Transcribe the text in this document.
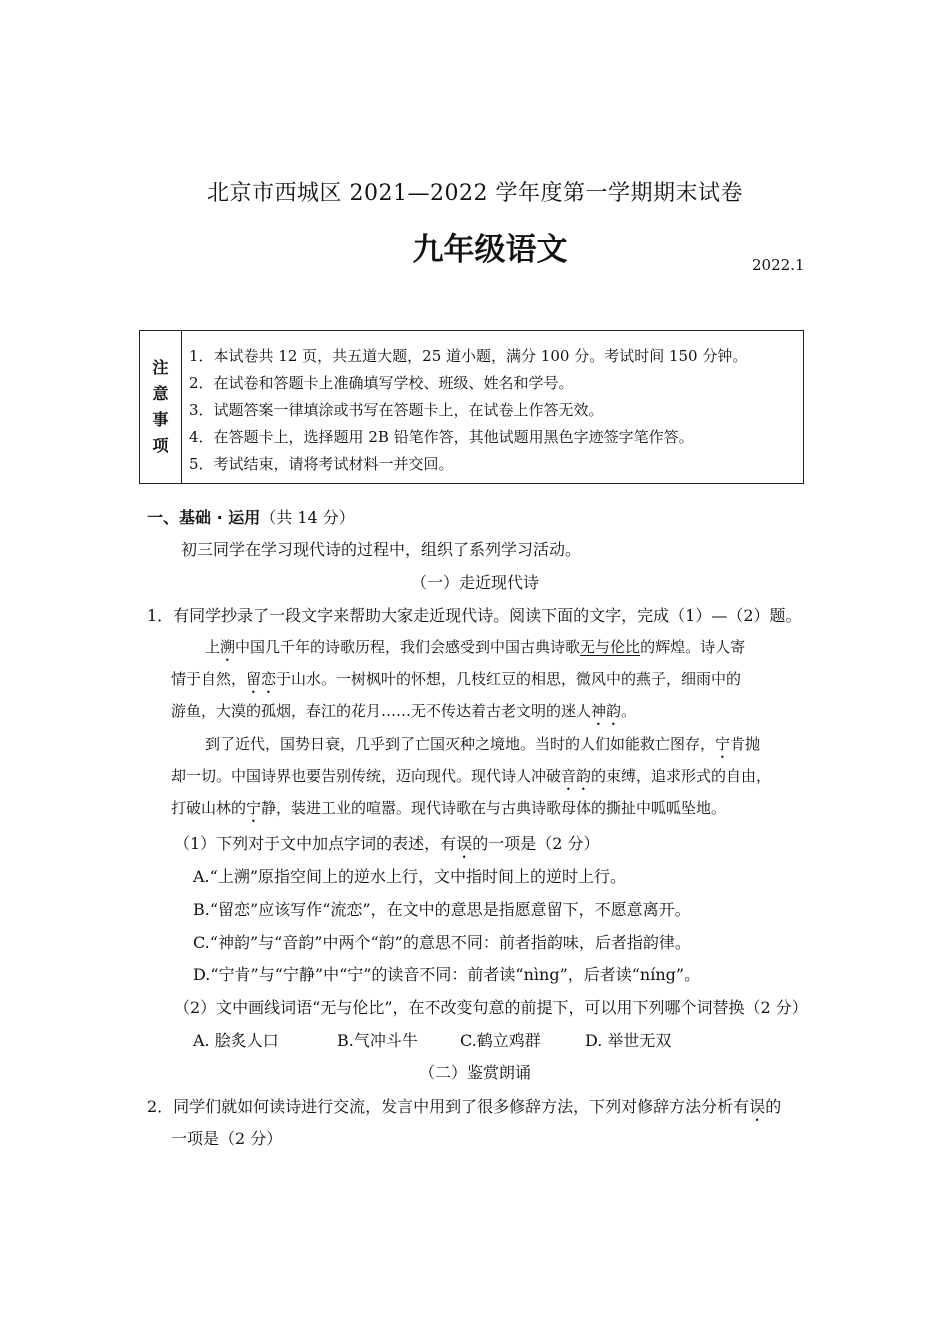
北京市西城区 2021—2022 学年度第一学期期末试卷
九年级语文	2022.1
注
意
事
项
1．本试卷共 12 页，共五道大题，25 道小题，满分 100 分。考试时间 150 分钟。
2．在试卷和答题卡上准确填写学校、班级、姓名和学号。
3．试题答案一律填涂或书写在答题卡上，在试卷上作答无效。
4．在答题卡上，选择题用 2B 铅笔作答，其他试题用黑色字迹签字笔作答。
5．考试结束，请将考试材料一并交回。
一、基础 · 运用（共 14 分）
初三同学在学习现代诗的过程中，组织了系列学习活动。
（一）走近现代诗
1．有同学抄录了一段文字来帮助大家走近现代诗。阅读下面的文字，完成（1）—（2）题。
上溯中国几千年的诗歌历程，我们会感受到中国古典诗歌无与伦比的辉煌。诗人寄
情于自然，留恋于山水。一树枫叶的怀想，几枝红豆的相思，微风中的燕子，细雨中的
游鱼，大漠的孤烟，春江的花月……无不传达着古老文明的迷人神韵。
到了近代，国势日衰，几乎到了亡国灭种之境地。当时的人们如能救亡图存，宁肯抛
却一切。中国诗界也要告别传统，迈向现代。现代诗人冲破音韵的束缚，追求形式的自由，
打破山林的宁静，装进工业的喧嚣。现代诗歌在与古典诗歌母体的撕扯中呱呱坠地。
（1）下列对于文中加点字词的表述，有误的一项是（2 分）
A.“上溯”原指空间上的逆水上行，文中指时间上的逆时上行。
B.“留恋”应该写作“流恋”，在文中的意思是指愿意留下，不愿意离开。
C.“神韵”与“音韵”中两个“韵”的意思不同：前者指韵味，后者指韵律。
D.“宁肯”与“宁静”中“宁”的读音不同：前者读“nìng”，后者读“níng”。
（2）文中画线词语“无与伦比”，在不改变句意的前提下，可以用下列哪个词替换（2 分）
A. 脍炙人口	B.气冲斗牛	C.鹤立鸡群	D. 举世无双
（二）鉴赏朗诵
2．同学们就如何读诗进行交流，发言中用到了很多修辞方法，下列对修辞方法分析有误的
一项是（2 分）
